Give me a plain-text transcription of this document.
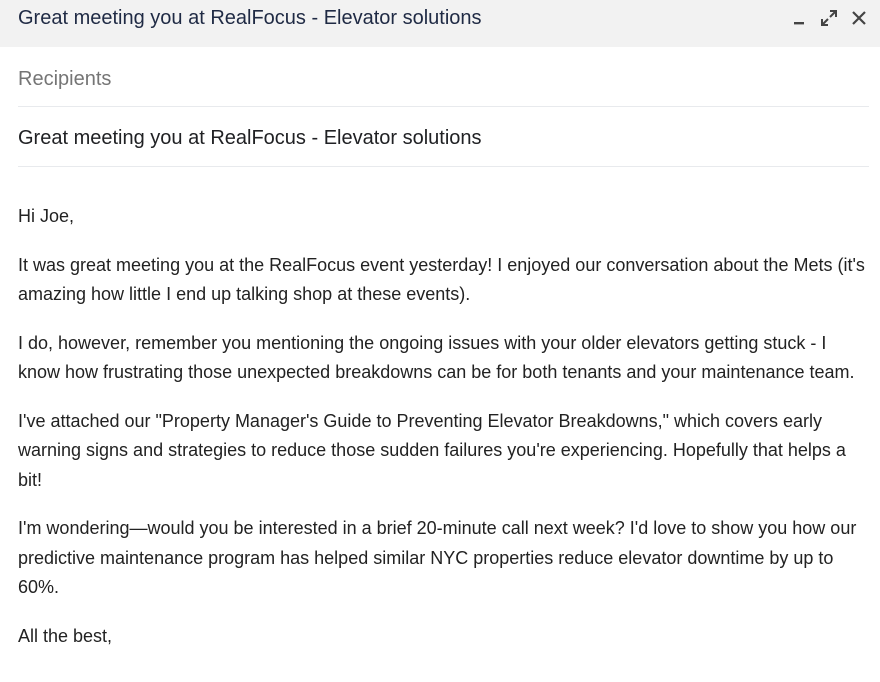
Great meeting you at RealFocus - Elevator solutions
Recipients
Great meeting you at RealFocus - Elevator solutions

Hi Joe,

It was great meeting you at the RealFocus event yesterday! I enjoyed our conversation about the Mets (it's amazing how little I end up talking shop at these events).

I do, however, remember you mentioning the ongoing issues with your older elevators getting stuck - I know how frustrating those unexpected breakdowns can be for both tenants and your maintenance team.

I've attached our "Property Manager's Guide to Preventing Elevator Breakdowns," which covers early warning signs and strategies to reduce those sudden failures you're experiencing. Hopefully that helps a bit!

I'm wondering—would you be interested in a brief 20-minute call next week? I'd love to show you how our predictive maintenance program has helped similar NYC properties reduce elevator downtime by up to 60%.

All the best,
